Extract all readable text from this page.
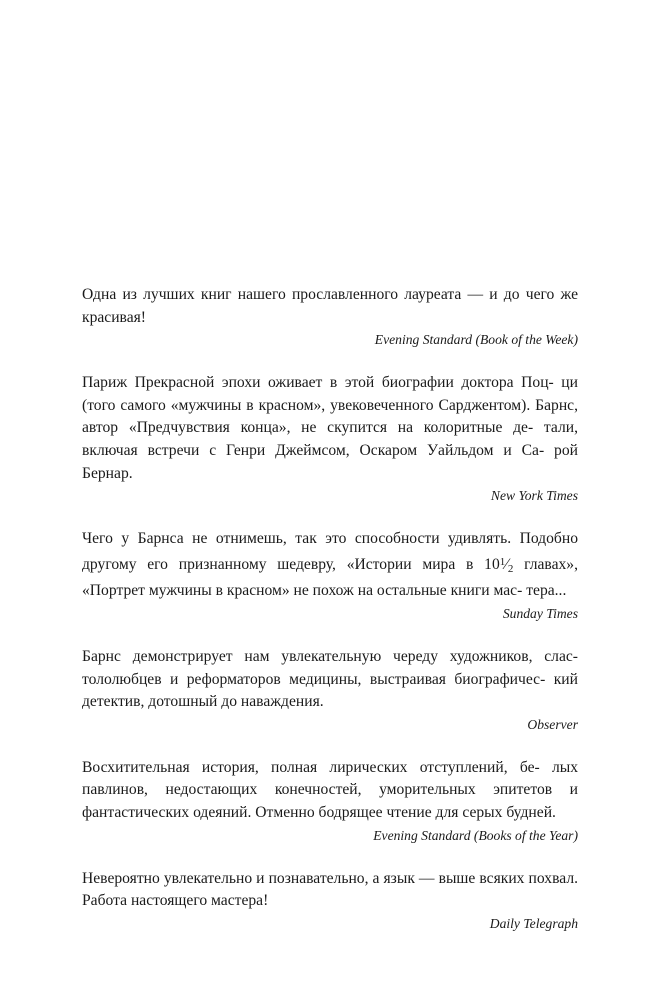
Одна из лучших книг нашего прославленного лауреата — и до чего же красивая!

Evening Standard (Book of the Week)

Париж Прекрасной эпохи оживает в этой биографии доктора Поц- ци (того самого «мужчины в красном», увековеченного Сарджентом). Барнс, автор «Предчувствия конца», не скупится на колоритные де- тали, включая встречи с Генри Джеймсом, Оскаром Уайльдом и Са- рой Бернар.

New York Times

Чего у Барнса не отнимешь, так это способности удивлять. Подобно другому его признанному шедевру, «Истории мира в $10^1⁄2$ главах», «Портрет мужчины в красном» не похож на остальные книги мас- тера...

Sunday Times

Барнс демонстрирует нам увлекательную череду художников, слас- тололюбцев и реформаторов медицины, выстраивая биографичес- кий детектив, дотошный до наваждения.

Observer

Восхитительная история, полная лирических отступлений, бе- лых павлинов, недостающих конечностей, уморительных эпитетов и фантастических одеяний. Отменно бодрящее чтение для серых будней.

Evening Standard (Books of the Year)

Невероятно увлекательно и познавательно, а язык — выше всяких похвал. Работа настоящего мастера!

Daily Telegraph
